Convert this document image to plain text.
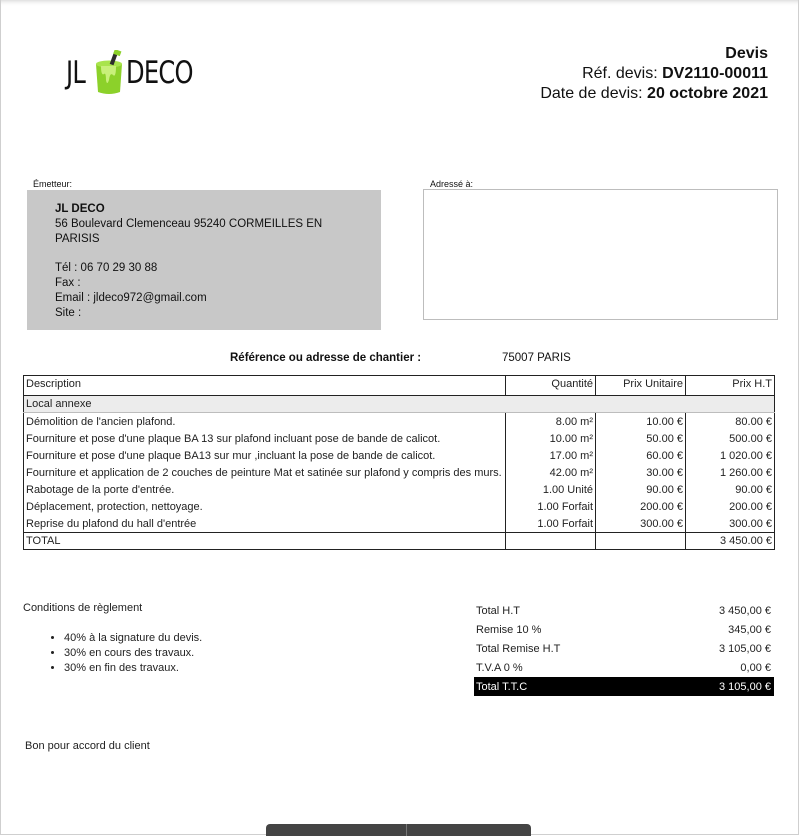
JL DECO
Devis
Réf. devis: DV2110-00011
Date de devis: 20 octobre 2021
Émetteur:
JL DECO
56 Boulevard Clemenceau 95240 CORMEILLES EN PARISIS
Tél : 06 70 29 30 88
Fax :
Email : jldeco972@gmail.com
Site :
Adressé à:
Référence ou adresse de chantier :	75007 PARIS
Description	Quantité	Prix Unitaire	Prix H.T
Local annexe			
Démolition de l'ancien plafond.	8.00 m²	10.00 €	80.00 €
Fourniture et pose d'une plaque BA 13 sur plafond incluant pose de bande de calicot.	10.00 m²	50.00 €	500.00 €
Fourniture et pose d'une plaque BA13 sur mur ,incluant la pose de bande de calicot.	17.00 m²	60.00 €	1 020.00 €
Fourniture et application de 2 couches de peinture Mat et satinée sur plafond y compris des murs.	42.00 m²	30.00 €	1 260.00 €
Rabotage de la porte d'entrée.	1.00 Unité	90.00 €	90.00 €
Déplacement, protection, nettoyage.	1.00 Forfait	200.00 €	200.00 €
Reprise du plafond du hall d'entrée	1.00 Forfait	300.00 €	300.00 €
TOTAL			3 450.00 €
Conditions de règlement
• 40% à la signature du devis.
• 30% en cours des travaux.
• 30% en fin des travaux.
Total H.T	3 450,00 €
Remise 10 %	345,00 €
Total Remise H.T	3 105,00 €
T.V.A 0 %	0,00 €
Total T.T.C	3 105,00 €
Bon pour accord du client
